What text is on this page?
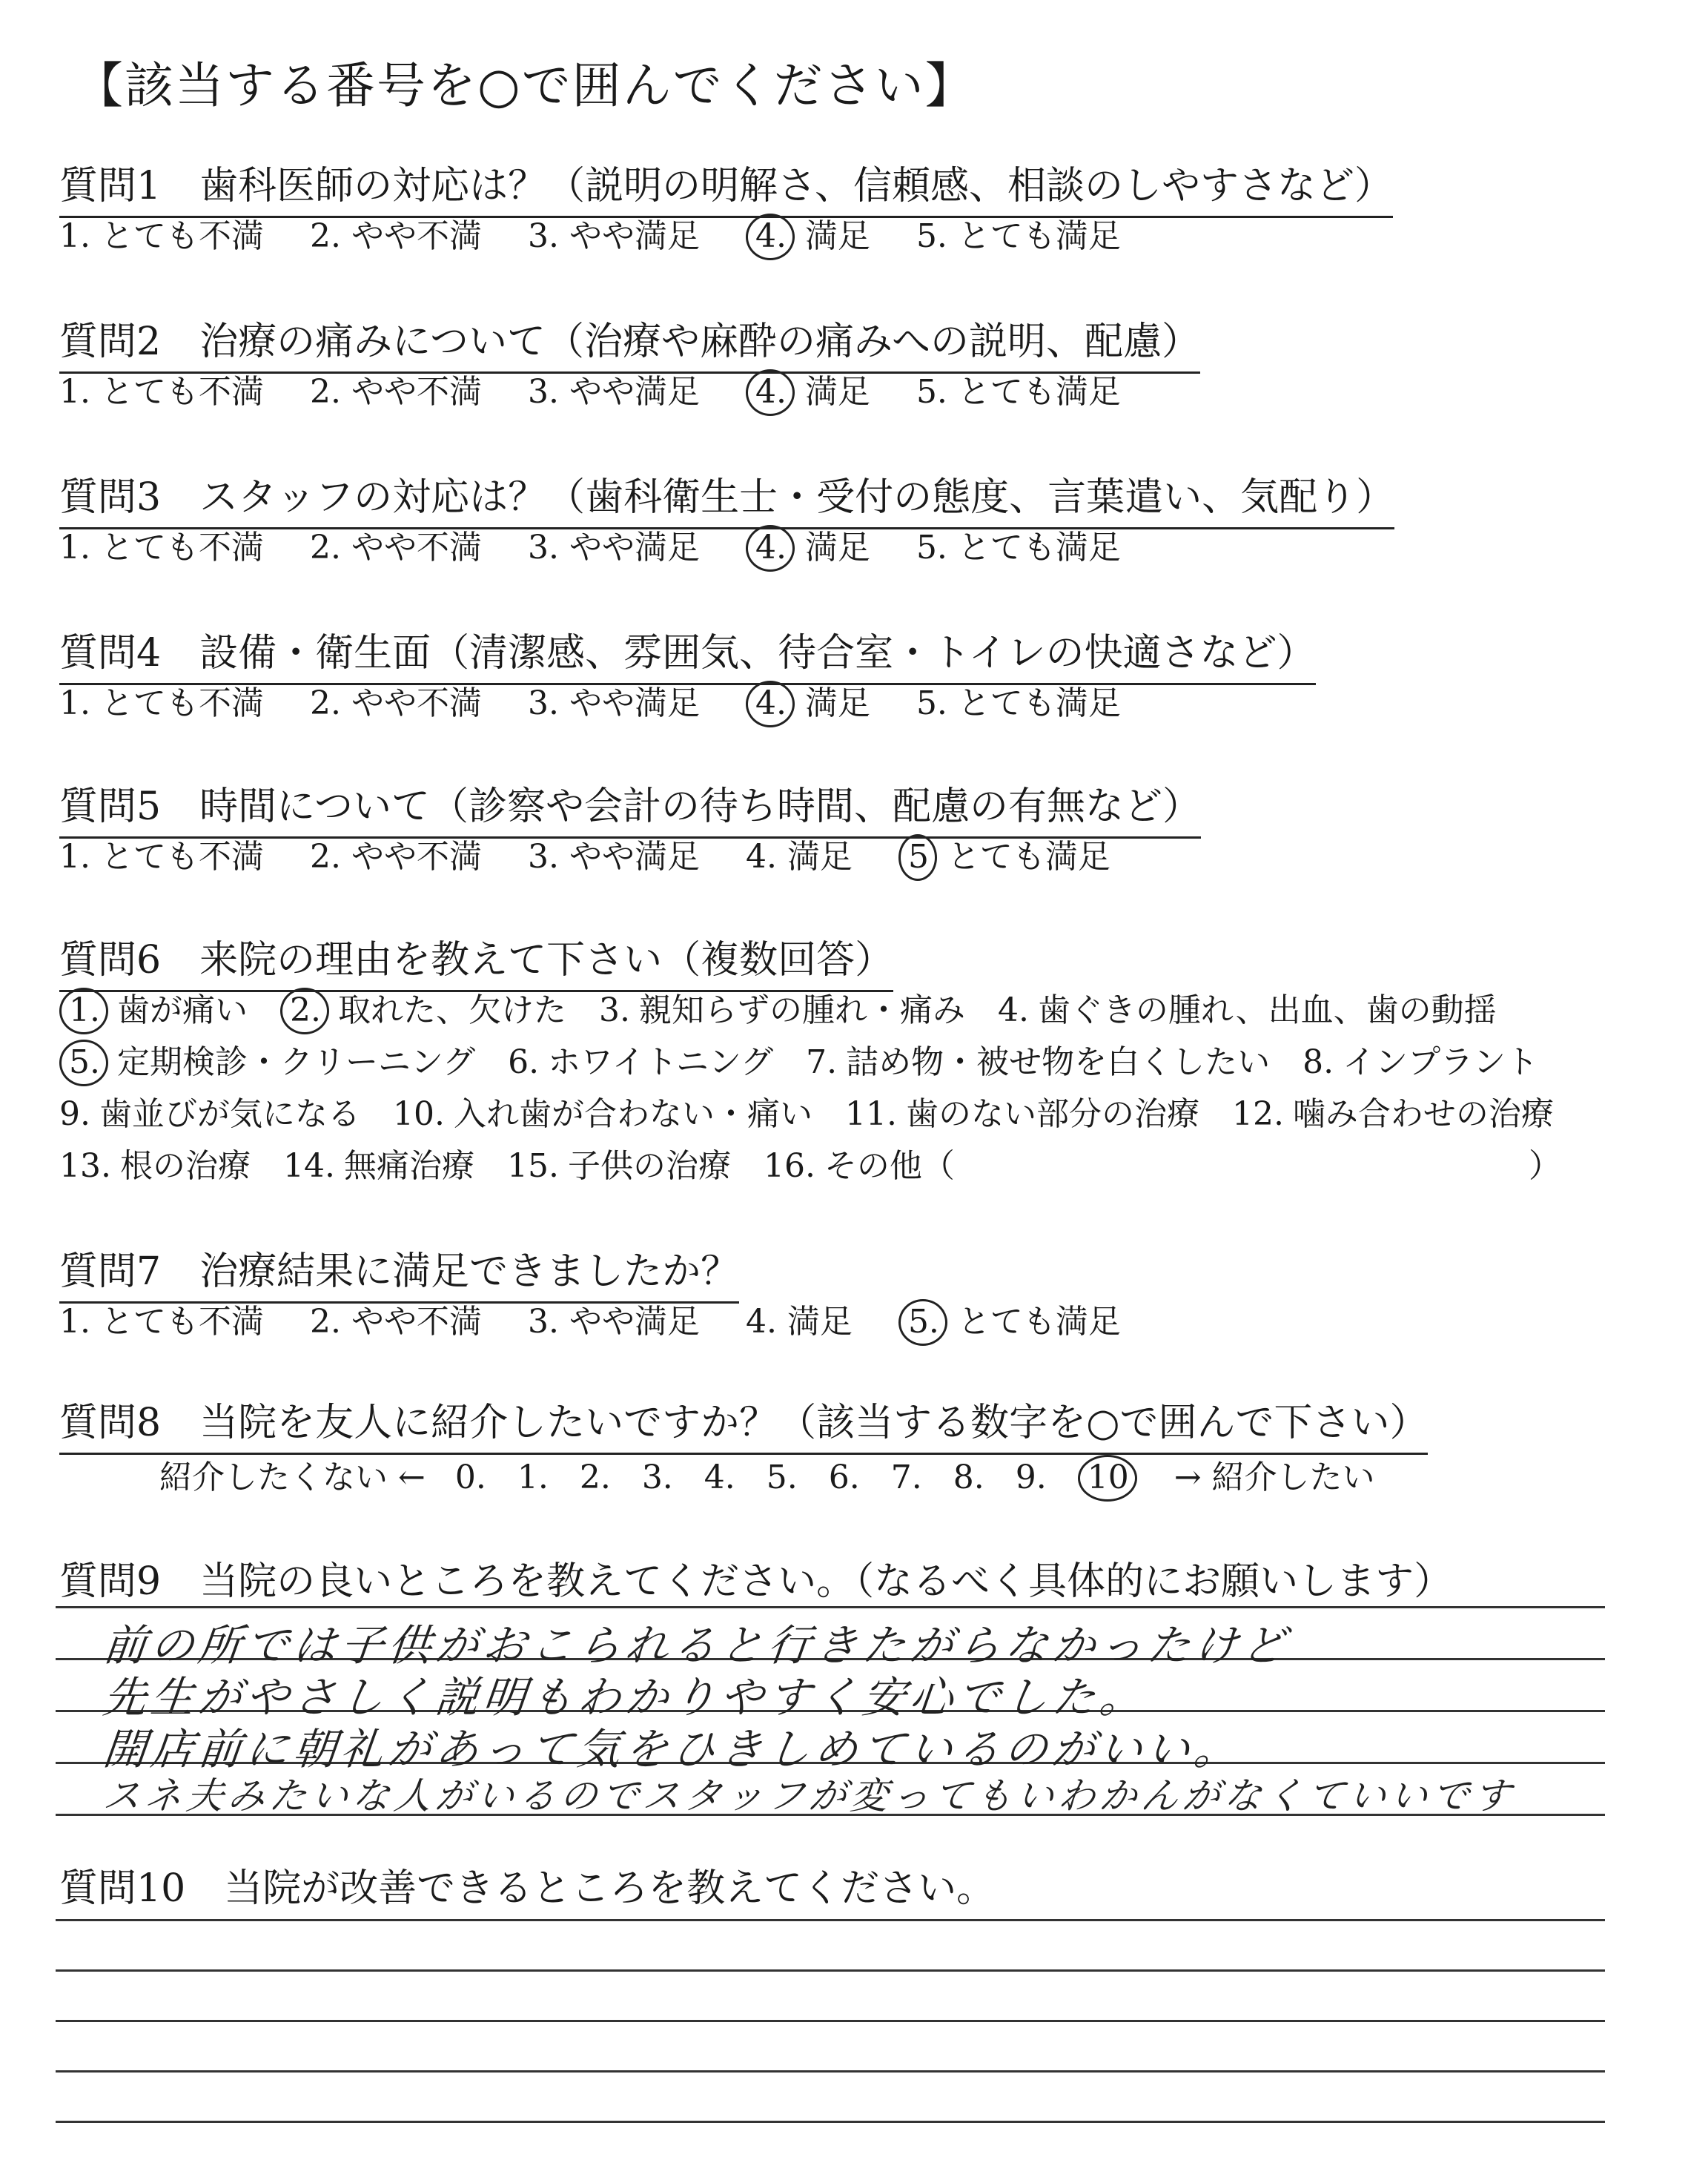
【該当する番号を○で囲んでください】
質問1　歯科医師の対応は？（説明の明解さ、信頼感、相談のしやすさなど）
1. とても不満 2. やや不満 3. やや満足 4. 満足 5. とても満足
質問2　治療の痛みについて（治療や麻酔の痛みへの説明、配慮）
1. とても不満 2. やや不満 3. やや満足 4. 満足 5. とても満足
質問3　スタッフの対応は？（歯科衛生士・受付の態度、言葉遣い、気配り）
1. とても不満 2. やや不満 3. やや満足 4. 満足 5. とても満足
質問4　設備・衛生面（清潔感、雰囲気、待合室・トイレの快適さなど）
1. とても不満 2. やや不満 3. やや満足 4. 満足 5. とても満足
質問5　時間について（診察や会計の待ち時間、配慮の有無など）
1. とても不満 2. やや不満 3. やや満足 4. 満足 5 とても満足
質問6　来院の理由を教えて下さい（複数回答）
1. 歯が痛い 2. 取れた、欠けた 3. 親知らずの腫れ・痛み 4. 歯ぐきの腫れ、出血、歯の動揺
5. 定期検診・クリーニング 6. ホワイトニング 7. 詰め物・被せ物を白くしたい 8. インプラント
9. 歯並びが気になる 10. 入れ歯が合わない・痛い 11. 歯のない部分の治療 12. 噛み合わせの治療
13. 根の治療 14. 無痛治療 15. 子供の治療 16. その他（	）
質問7　治療結果に満足できましたか？
1. とても不満 2. やや不満 3. やや満足 4. 満足 5. とても満足
質問8　当院を友人に紹介したいですか？（該当する数字を○で囲んで下さい）
紹介したくない ← 0. 1. 2. 3. 4. 5. 6. 7. 8. 9. 10 → 紹介したい
質問9　当院の良いところを教えてください。（なるべく具体的にお願いします）
前の所では子供がおこられると行きたがらなかったけど
先生がやさしく説明もわかりやすく安心でした。
開店前に朝礼があって気をひきしめているのがいい。
スネ夫みたいな人がいるのでスタッフが変ってもいわかんがなくていいです
質問10　当院が改善できるところを教えてください。
